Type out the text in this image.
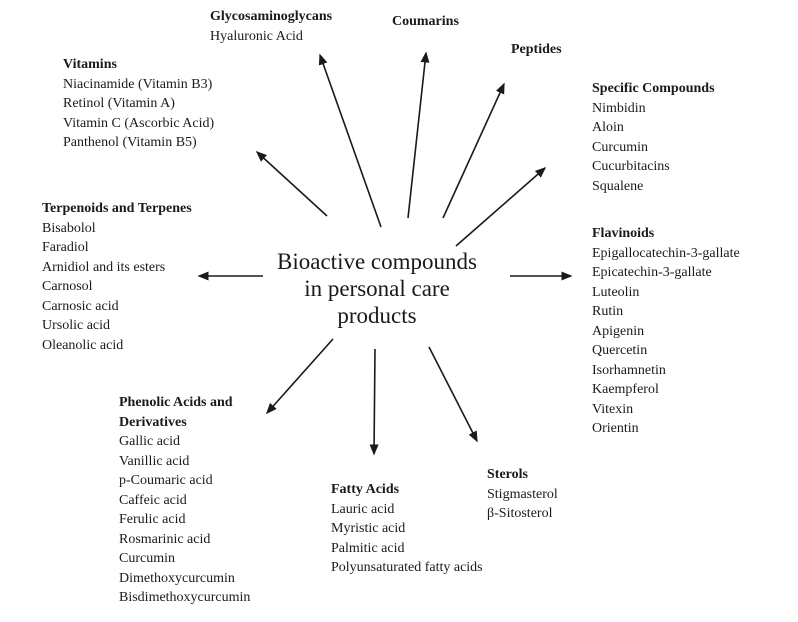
Bioactive compounds in personal care products
Glycosaminoglycans
Hyaluronic Acid
Coumarins
Peptides
Vitamins
Niacinamide (Vitamin B3)
Retinol (Vitamin A)
Vitamin C (Ascorbic Acid)
Panthenol (Vitamin B5)
Specific Compounds
Nimbidin
Aloin
Curcumin
Cucurbitacins
Squalene
Terpenoids and Terpenes
Bisabolol
Faradiol
Arnidiol and its esters
Carnosol
Carnosic acid
Ursolic acid
Oleanolic acid
Flavinoids
Epigallocatechin-3-gallate
Epicatechin-3-gallate
Luteolin
Rutin
Apigenin
Quercetin
Isorhamnetin
Kaempferol
Vitexin
Orientin
Phenolic Acids and Derivatives
Gallic acid
Vanillic acid
p-Coumaric acid
Caffeic acid
Ferulic acid
Rosmarinic acid
Curcumin
Dimethoxycurcumin
Bisdimethoxycurcumin
Fatty Acids
Lauric acid
Myristic acid
Palmitic acid
Polyunsaturated fatty acids
Sterols
Stigmasterol
β-Sitosterol
